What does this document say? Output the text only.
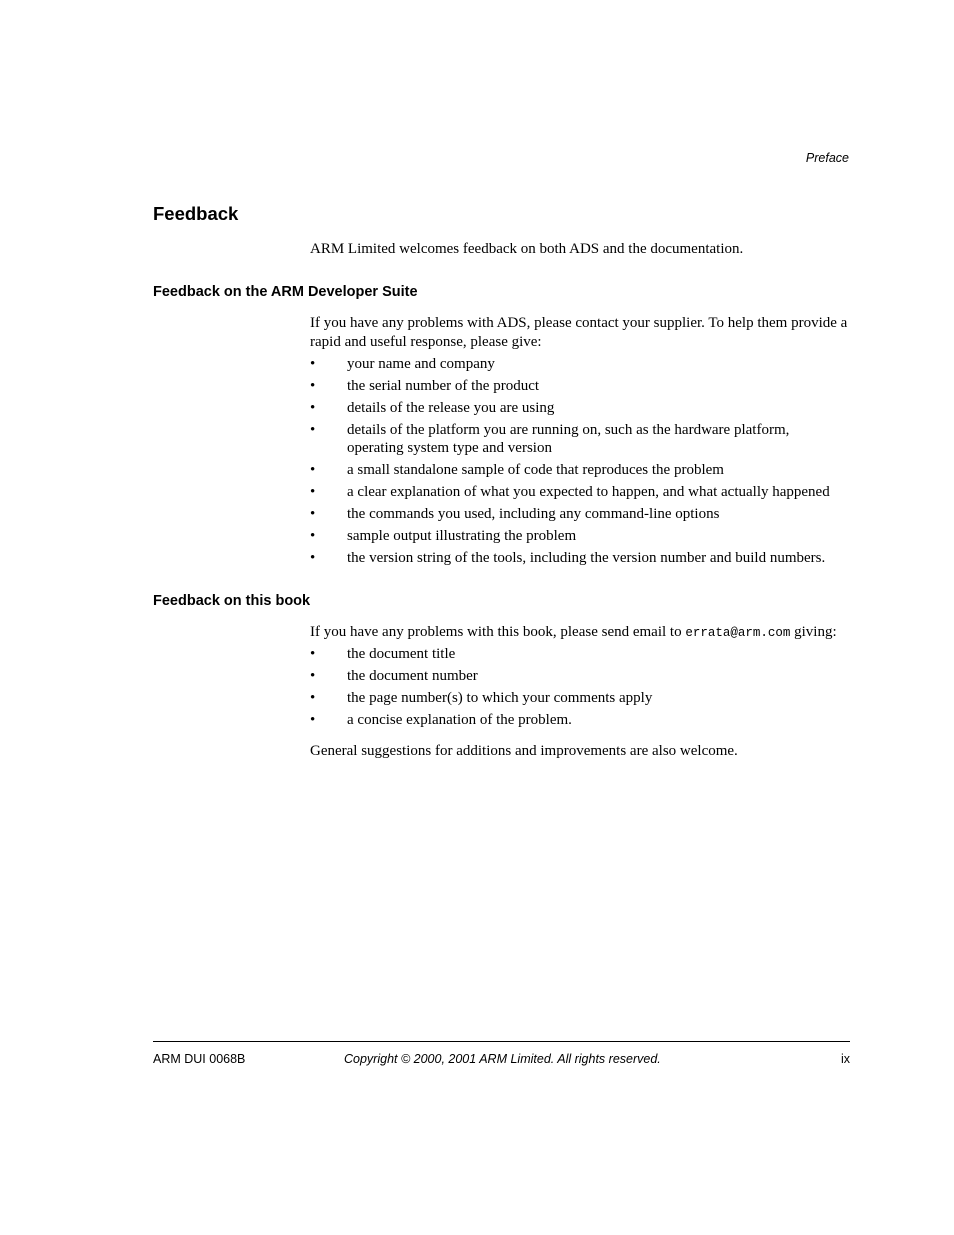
Preface
Feedback

ARM Limited welcomes feedback on both ADS and the documentation.

Feedback on the ARM Developer Suite

If you have any problems with ADS, please contact your supplier. To help them provide a rapid and useful response, please give:

• your name and company
• the serial number of the product
• details of the release you are using
• details of the platform you are running on, such as the hardware platform, operating system type and version
• a small standalone sample of code that reproduces the problem
• a clear explanation of what you expected to happen, and what actually happened
• the commands you used, including any command-line options
• sample output illustrating the problem
• the version string of the tools, including the version number and build numbers.
Feedback on this book

If you have any problems with this book, please send email to errata@arm.com giving:

• the document title
• the document number
• the page number(s) to which your comments apply
• a concise explanation of the problem.

General suggestions for additions and improvements are also welcome.

ARM DUI 0068B	Copyright © 2000, 2001 ARM Limited. All rights reserved.	ix
